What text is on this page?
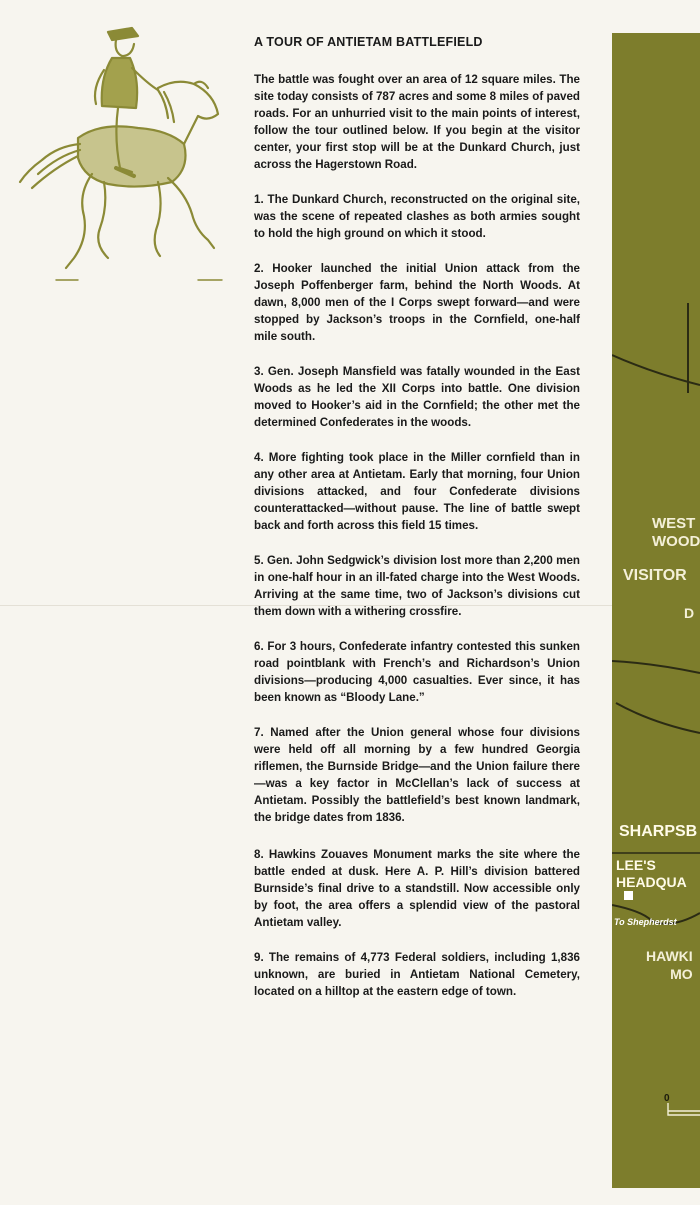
A TOUR OF ANTIETAM BATTLEFIELD

The battle was fought over an area of 12 square miles. The site today consists of 787 acres and some 8 miles of paved roads. For an unhurried visit to the main points of interest, follow the tour outlined below. If you begin at the visitor center, your first stop will be at the Dunkard Church, just across the Hagerstown Road.

1. The Dunkard Church, reconstructed on the original site, was the scene of repeated clashes as both armies sought to hold the high ground on which it stood.

2. Hooker launched the initial Union attack from the Joseph Poffenberger farm, behind the North Woods. At dawn, 8,000 men of the I Corps swept forward—and were stopped by Jackson’s troops in the Cornfield, one-half mile south.

3. Gen. Joseph Mansfield was fatally wounded in the East Woods as he led the XII Corps into battle. One division moved to Hooker’s aid in the Cornfield; the other met the determined Confederates in the woods.

4. More fighting took place in the Miller cornfield than in any other area at Antietam. Early that morning, four Union divisions attacked, and four Confederate divisions counterattacked—without pause. The line of battle swept back and forth across this field 15 times.

5. Gen. John Sedgwick’s division lost more than 2,200 men in one-half hour in an ill-fated charge into the West Woods. Arriving at the same time, two of Jackson’s divisions cut them down with a withering crossfire.

6. For 3 hours, Confederate infantry contested this sunken road pointblank with French’s and Richardson’s Union divisions—producing 4,000 casualties. Ever since, it has been known as “Bloody Lane.”

7. Named after the Union general whose four divisions were held off all morning by a few hundred Georgia riflemen, the Burnside Bridge—and the Union failure there—was a key factor in McClellan’s lack of success at Antietam. Possibly the battlefield’s best known landmark, the bridge dates from 1836.

8. Hawkins Zouaves Monument marks the site where the battle ended at dusk. Here A. P. Hill’s division battered Burnside’s final drive to a standstill. Now accessible only by foot, the area offers a splendid view of the pastoral Antietam valley.

9. The remains of 4,773 Federal soldiers, including 1,836 unknown, are buried in Antietam National Cemetery, located on a hilltop at the eastern edge of town.

WEST
WOOD
VISITOR
D
SHARPSB
LEE'S
HEADQUA
To Shepherdst
HAWKI
MO
0
